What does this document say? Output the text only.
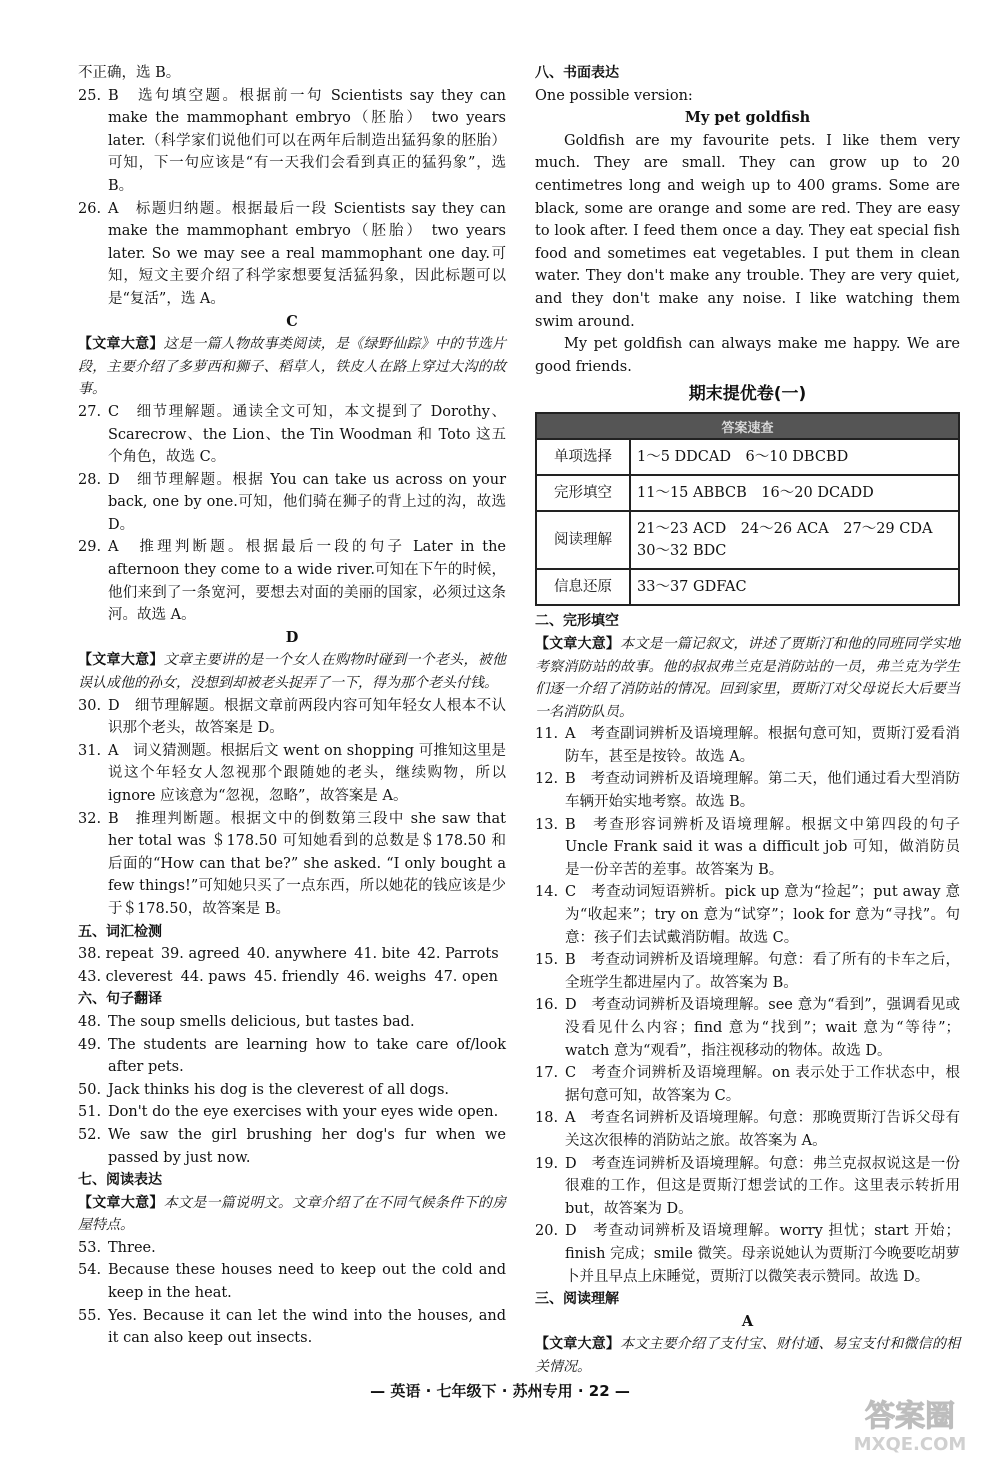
不正确，选 B。

25. B　选句填空题。根据前一句 Scientists say they can make the mammophant embryo（胚胎） two years later.（科学家们说他们可以在两年后制造出猛犸象的胚胎）可知，下一句应该是“有一天我们会看到真正的猛犸象”，选 B。
26. A　标题归纳题。根据最后一段 Scientists say they can make the mammophant embryo（胚胎） two years later. So we may see a real mammophant one day.可知，短文主要介绍了科学家想要复活猛犸象，因此标题可以是“复活”，选 A。

C

【文章大意】这是一篇人物故事类阅读，是《绿野仙踪》中的节选片段，主要介绍了多萝西和狮子、稻草人，铁皮人在路上穿过大沟的故事。

27. C　细节理解题。通读全文可知，本文提到了 Dorothy、Scarecrow、the Lion、the Tin Woodman 和 Toto 这五个角色，故选 C。
28. D　细节理解题。根据 You can take us across on your back, one by one.可知，他们骑在狮子的背上过的沟，故选 D。
29. A　推理判断题。根据最后一段的句子 Later in the afternoon they come to a wide river.可知在下午的时候，他们来到了一条宽河，要想去对面的美丽的国家，必须过这条河。故选 A。

D

【文章大意】文章主要讲的是一个女人在购物时碰到一个老头，被他误认成他的孙女，没想到却被老头捉弄了一下，得为那个老头付钱。

30. D　细节理解题。根据文章前两段内容可知年轻女人根本不认识那个老头，故答案是 D。
31. A　词义猜测题。根据后文 went on shopping 可推知这里是说这个年轻女人忽视那个跟随她的老头，继续购物，所以 ignore 应该意为“忽视，忽略”，故答案是 A。
32. B　推理判断题。根据文中的倒数第三段中 she saw that her total was ＄178.50 可知她看到的总数是＄178.50 和后面的“How can that be?” she asked. “I only bought a few things!”可知她只买了一点东西，所以她花的钱应该是少于＄178.50，故答案是 B。

五、词汇检测

38. repeat 39. agreed 40. anywhere 41. bite 42. Parrots
43. cleverest 44. paws 45. friendly 46. weighs 47. open

六、句子翻译

48. The soup smells delicious, but tastes bad.
49. The students are learning how to take care of/look after pets.
50. Jack thinks his dog is the cleverest of all dogs.
51. Don't do the eye exercises with your eyes wide open.
52. We saw the girl brushing her dog's fur when we passed by just now.

七、阅读表达

【文章大意】本文是一篇说明文。文章介绍了在不同气候条件下的房屋特点。

53. Three.
54. Because these houses need to keep out the cold and keep in the heat.
55. Yes. Because it can let the wind into the houses, and it can also keep out insects.

八、书面表达

One possible version:

My pet goldfish

Goldfish are my favourite pets. I like them very much. They are small. They can grow up to 20 centimetres long and weigh up to 400 grams. Some are black, some are orange and some are red. They are easy to look after. I feed them once a day. They eat special fish food and sometimes eat vegetables. I put them in clean water. They don't make any trouble. They are very quiet, and they don't make any noise. I like watching them swim around.

My pet goldfish can always make me happy. We are good friends.

期末提优卷(一)
答案速查	
单项选择	1～5 DDCAD　6～10 DBCBD
完形填空	11～15 ABBCB　16～20 DCADD
阅读理解	21～23 ACD　24～26 ACA　27～29 CDA　30～32 BDC
信息还原	33～37 GDFAC

二、完形填空

【文章大意】本文是一篇记叙文，讲述了贾斯汀和他的同班同学实地考察消防站的故事。他的叔叔弗兰克是消防站的一员，弗兰克为学生们逐一介绍了消防站的情况。回到家里，贾斯汀对父母说长大后要当一名消防队员。

11. A　考查副词辨析及语境理解。根据句意可知，贾斯汀爱看消防车，甚至是按铃。故选 A。
12. B　考查动词辨析及语境理解。第二天，他们通过看大型消防车辆开始实地考察。故选 B。
13. B　考查形容词辨析及语境理解。根据文中第四段的句子 Uncle Frank said it was a difficult job 可知，做消防员是一份辛苦的差事。故答案为 B。
14. C　考查动词短语辨析。pick up 意为“捡起”；put away 意为“收起来”；try on 意为“试穿”；look for 意为“寻找”。句意：孩子们去试戴消防帽。故选 C。
15. B　考查动词辨析及语境理解。句意：看了所有的卡车之后，全班学生都进屋内了。故答案为 B。
16. D　考查动词辨析及语境理解。see 意为“看到”，强调看见或没看见什么内容；find 意为“找到”；wait 意为“等待”；watch 意为“观看”，指注视移动的物体。故选 D。
17. C　考查介词辨析及语境理解。on 表示处于工作状态中，根据句意可知，故答案为 C。
18. A　考查名词辨析及语境理解。句意：那晚贾斯汀告诉父母有关这次很棒的消防站之旅。故答案为 A。
19. D　考查连词辨析及语境理解。句意：弗兰克叔叔说这是一份很难的工作，但这是贾斯汀想尝试的工作。这里表示转折用 but，故答案为 D。
20. D　考查动词辨析及语境理解。worry 担忧；start 开始；finish 完成；smile 微笑。母亲说她认为贾斯汀今晚要吃胡萝卜并且早点上床睡觉，贾斯汀以微笑表示赞同。故选 D。

三、阅读理解

A

【文章大意】本文主要介绍了支付宝、财付通、易宝支付和微信的相关情况。

— 英语 · 七年级下 · 苏州专用 · 22 —
答案圈
MXQE.COM
